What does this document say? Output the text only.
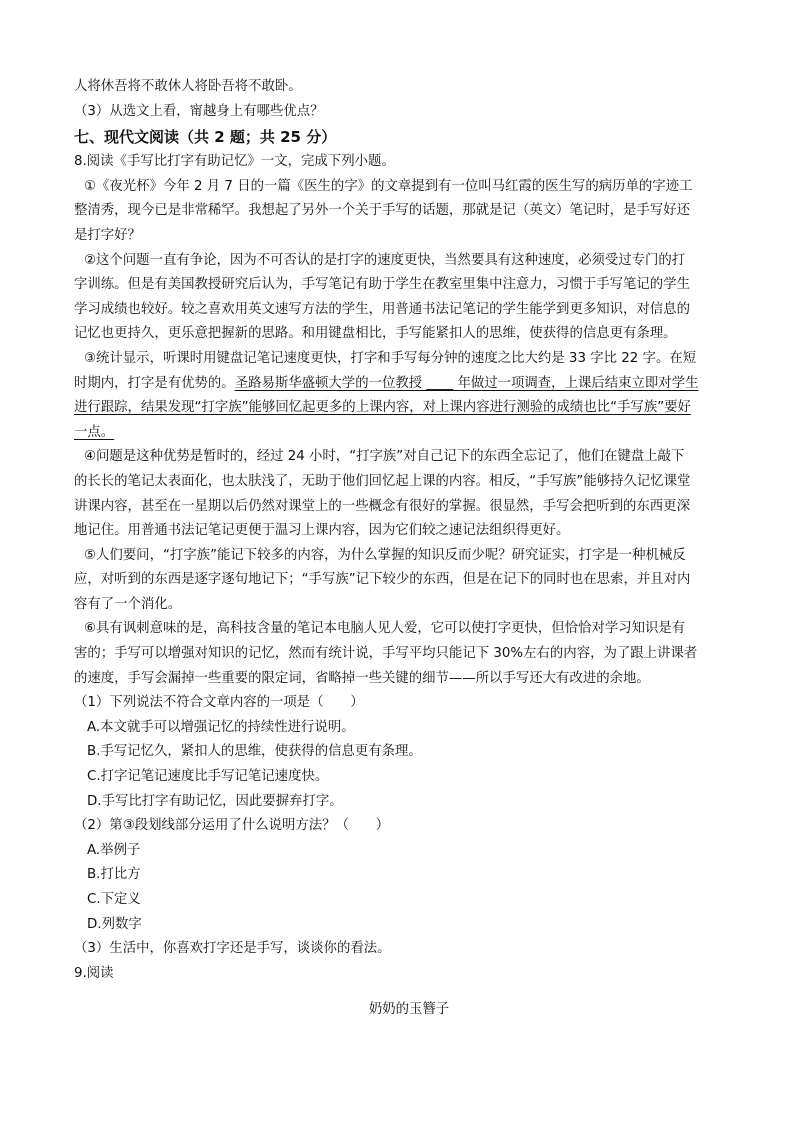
人将休吾将不敢休人将卧吾将不敢卧。
（3）从选文上看，甯越身上有哪些优点？
七、现代文阅读（共 2 题；共 25 分）
8.阅读《手写比打字有助记忆》一文，完成下列小题。
①《夜光杯》今年 2 月 7 日的一篇《医生的字》的文章提到有一位叫马红霞的医生写的病历单的字迹工
整清秀，现今已是非常稀罕。我想起了另外一个关于手写的话题，那就是记（英文）笔记时，是手写好还
是打字好？
②这个问题一直有争论，因为不可否认的是打字的速度更快，当然要具有这种速度，必须受过专门的打
字训练。但是有美国教授研究后认为，手写笔记有助于学生在教室里集中注意力，习惯于手写笔记的学生
学习成绩也较好。较之喜欢用英文速写方法的学生，用普通书法记笔记的学生能学到更多知识，对信息的
记忆也更持久，更乐意把握新的思路。和用键盘相比，手写能紧扣人的思维，使获得的信息更有条理。
③统计显示，听课时用键盘记笔记速度更快，打字和手写每分钟的速度之比大约是 33 字比 22 字。在短
时期内，打字是有优势的。圣路易斯华盛顿大学的一位教授 ____ 年做过一项调查，上课后结束立即对学生
进行跟踪，结果发现“打字族”能够回忆起更多的上课内容，对上课内容进行测验的成绩也比“手写族”要好
一点。
④问题是这种优势是暂时的，经过 24 小时，“打字族”对自己记下的东西全忘记了，他们在键盘上敲下
的长长的笔记太表面化，也太肤浅了，无助于他们回忆起上课的内容。相反，“手写族”能够持久记忆课堂
讲课内容，甚至在一星期以后仍然对课堂上的一些概念有很好的掌握。很显然，手写会把听到的东西更深
地记住。用普通书法记笔记更便于温习上课内容，因为它们较之速记法组织得更好。
⑤人们要问，“打字族”能记下较多的内容，为什么掌握的知识反而少呢？研究证实，打字是一种机械反
应，对听到的东西是逐字逐句地记下；“手写族”记下较少的东西，但是在记下的同时也在思索，并且对内
容有了一个消化。
⑥具有讽刺意味的是，高科技含量的笔记本电脑人见人爱，它可以使打字更快，但恰恰对学习知识是有
害的；手写可以增强对知识的记忆，然而有统计说，手写平均只能记下 30%左右的内容，为了跟上讲课者
的速度，手写会漏掉一些重要的限定词，省略掉一些关键的细节——所以手写还大有改进的余地。
（1）下列说法不符合文章内容的一项是（　　）
A.本文就手可以增强记忆的持续性进行说明。
B.手写记忆久，紧扣人的思维，使获得的信息更有条理。
C.打字记笔记速度比手写记笔记速度快。
D.手写比打字有助记忆，因此要摒弃打字。
（2）第③段划线部分运用了什么说明方法？（　　）
A.举例子
B.打比方
C.下定义
D.列数字
（3）生活中，你喜欢打字还是手写，谈谈你的看法。
9.阅读
奶奶的玉簪子
